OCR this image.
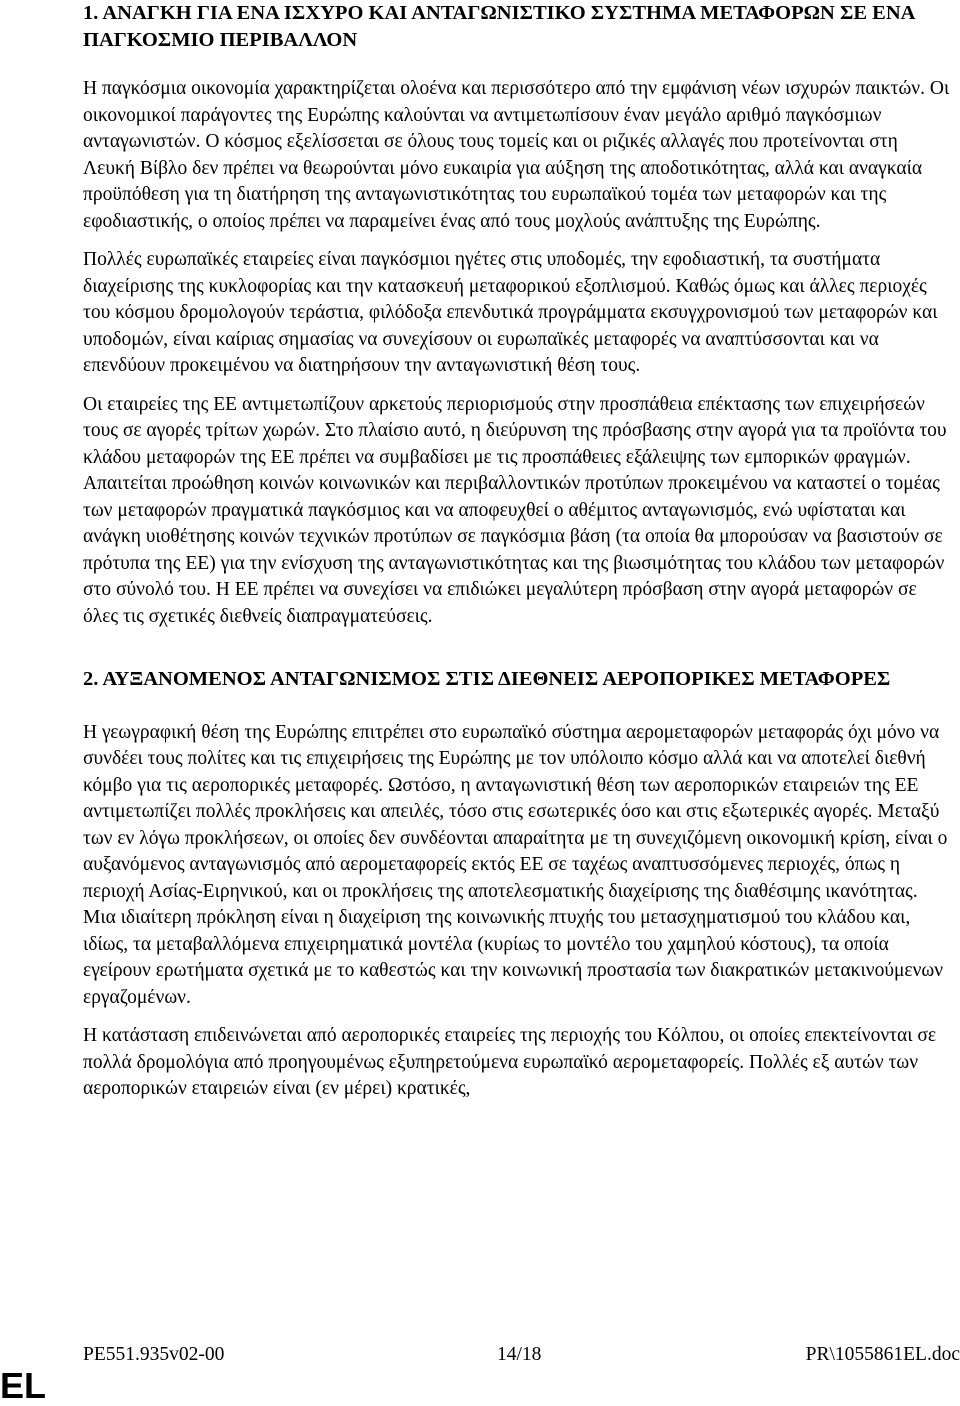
1. ΑΝΑΓΚΗ ΓΙΑ ΕΝΑ ΙΣΧΥΡΟ ΚΑΙ ΑΝΤΑΓΩΝΙΣΤΙΚΟ ΣΥΣΤΗΜΑ ΜΕΤΑΦΟΡΩΝ ΣΕ ΕΝΑ ΠΑΓΚΟΣΜΙΟ ΠΕΡΙΒΑΛΛΟΝ

Η παγκόσμια οικονομία χαρακτηρίζεται ολοένα και περισσότερο από την εμφάνιση νέων ισχυρών παικτών. Οι οικονομικοί παράγοντες της Ευρώπης καλούνται να αντιμετωπίσουν έναν μεγάλο αριθμό παγκόσμιων ανταγωνιστών. Ο κόσμος εξελίσσεται σε όλους τους τομείς και οι ριζικές αλλαγές που προτείνονται στη Λευκή Βίβλο δεν πρέπει να θεωρούνται μόνο ευκαιρία για αύξηση της αποδοτικότητας, αλλά και αναγκαία προϋπόθεση για τη διατήρηση της ανταγωνιστικότητας του ευρωπαϊκού τομέα των μεταφορών και της εφοδιαστικής, ο οποίος πρέπει να παραμείνει ένας από τους μοχλούς ανάπτυξης της Ευρώπης.

Πολλές ευρωπαϊκές εταιρείες είναι παγκόσμιοι ηγέτες στις υποδομές, την εφοδιαστική, τα συστήματα διαχείρισης της κυκλοφορίας και την κατασκευή μεταφορικού εξοπλισμού. Καθώς όμως και άλλες περιοχές του κόσμου δρομολογούν τεράστια, φιλόδοξα επενδυτικά προγράμματα εκσυγχρονισμού των μεταφορών και υποδομών, είναι καίριας σημασίας να συνεχίσουν οι ευρωπαϊκές μεταφορές να αναπτύσσονται και να επενδύουν προκειμένου να διατηρήσουν την ανταγωνιστική θέση τους.

Οι εταιρείες της ΕΕ αντιμετωπίζουν αρκετούς περιορισμούς στην προσπάθεια επέκτασης των επιχειρήσεών τους σε αγορές τρίτων χωρών. Στο πλαίσιο αυτό, η διεύρυνση της πρόσβασης στην αγορά για τα προϊόντα του κλάδου μεταφορών της ΕΕ πρέπει να συμβαδίσει με τις προσπάθειες εξάλειψης των εμπορικών φραγμών. Απαιτείται προώθηση κοινών κοινωνικών και περιβαλλοντικών προτύπων προκειμένου να καταστεί ο τομέας των μεταφορών πραγματικά παγκόσμιος και να αποφευχθεί ο αθέμιτος ανταγωνισμός, ενώ υφίσταται και ανάγκη υιοθέτησης κοινών τεχνικών προτύπων σε παγκόσμια βάση (τα οποία θα μπορούσαν να βασιστούν σε πρότυπα της ΕΕ) για την ενίσχυση της ανταγωνιστικότητας και της βιωσιμότητας του κλάδου των μεταφορών στο σύνολό του. Η ΕΕ πρέπει να συνεχίσει να επιδιώκει μεγαλύτερη πρόσβαση στην αγορά μεταφορών σε όλες τις σχετικές διεθνείς διαπραγματεύσεις.

2. ΑΥΞΑΝΟΜΕΝΟΣ ΑΝΤΑΓΩΝΙΣΜΟΣ ΣΤΙΣ ΔΙΕΘΝΕΙΣ ΑΕΡΟΠΟΡΙΚΕΣ ΜΕΤΑΦΟΡΕΣ

Η γεωγραφική θέση της Ευρώπης επιτρέπει στο ευρωπαϊκό σύστημα αερομεταφορών μεταφοράς όχι μόνο να συνδέει τους πολίτες και τις επιχειρήσεις της Ευρώπης με τον υπόλοιπο κόσμο αλλά και να αποτελεί διεθνή κόμβο για τις αεροπορικές μεταφορές. Ωστόσο, η ανταγωνιστική θέση των αεροπορικών εταιρειών της ΕΕ αντιμετωπίζει πολλές προκλήσεις και απειλές, τόσο στις εσωτερικές όσο και στις εξωτερικές αγορές. Μεταξύ των εν λόγω προκλήσεων, οι οποίες δεν συνδέονται απαραίτητα με τη συνεχιζόμενη οικονομική κρίση, είναι ο αυξανόμενος ανταγωνισμός από αερομεταφορείς εκτός ΕΕ σε ταχέως αναπτυσσόμενες περιοχές, όπως η περιοχή Ασίας-Ειρηνικού, και οι προκλήσεις της αποτελεσματικής διαχείρισης της διαθέσιμης ικανότητας. Μια ιδιαίτερη πρόκληση είναι η διαχείριση της κοινωνικής πτυχής του μετασχηματισμού του κλάδου και, ιδίως, τα μεταβαλλόμενα επιχειρηματικά μοντέλα (κυρίως το μοντέλο του χαμηλού κόστους), τα οποία εγείρουν ερωτήματα σχετικά με το καθεστώς και την κοινωνική προστασία των διακρατικών μετακινούμενων εργαζομένων.

Η κατάσταση επιδεινώνεται από αεροπορικές εταιρείες της περιοχής του Κόλπου, οι οποίες επεκτείνονται σε πολλά δρομολόγια από προηγουμένως εξυπηρετούμενα ευρωπαϊκό αερομεταφορείς. Πολλές εξ αυτών των αεροπορικών εταιρειών είναι (εν μέρει) κρατικές,

PE551.935v02-00	14/18	PR\1055861EL.doc
EL
